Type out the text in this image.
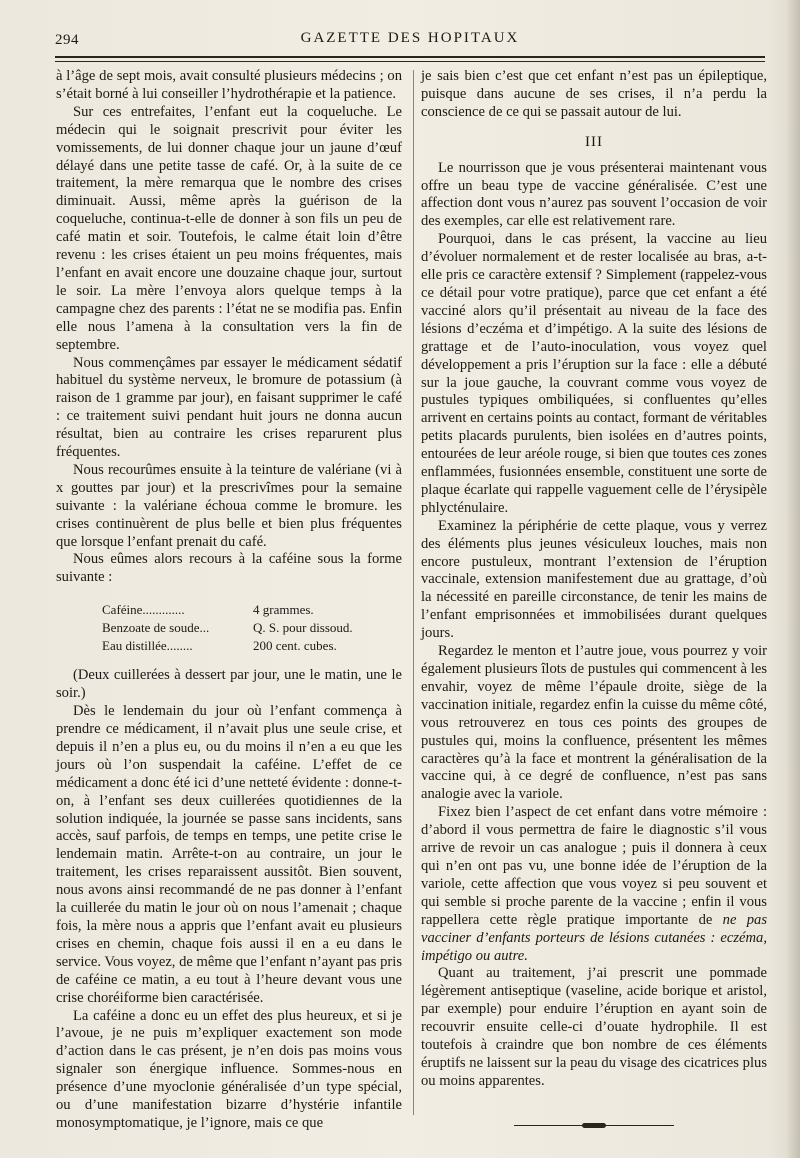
GAZETTE DES HOPITAUX
294

à l’âge de sept mois, avait consulté plusieurs médecins ; on s’était borné à lui conseiller l’hydrothérapie et la patience.

Sur ces entrefaites, l’enfant eut la coqueluche. Le médecin qui le soignait prescrivit pour éviter les vomissements, de lui donner chaque jour un jaune d’œuf délayé dans une petite tasse de café. Or, à la suite de ce traitement, la mère remarqua que le nombre des crises diminuait. Aussi, même après la guérison de la coqueluche, continua-t-elle de donner à son fils un peu de café matin et soir. Toutefois, le calme était loin d’être revenu : les crises étaient un peu moins fréquentes, mais l’enfant en avait encore une douzaine chaque jour, surtout le soir. La mère l’envoya alors quelque temps à la campagne chez des parents : l’état ne se modifia pas. Enfin elle nous l’amena à la consultation vers la fin de septembre.

Nous commençâmes par essayer le médicament sédatif habituel du système nerveux, le bromure de potassium (à raison de 1 gramme par jour), en faisant supprimer le café : ce traitement suivi pendant huit jours ne donna aucun résultat, bien au contraire les crises reparurent plus fréquentes.

Nous recourûmes ensuite à la teinture de valériane (vi à x gouttes par jour) et la prescrivîmes pour la semaine suivante : la valériane échoua comme le bromure. les crises continuèrent de plus belle et bien plus fréquentes que lorsque l’enfant prenait du café.

Nous eûmes alors recours à la caféine sous la forme suivante :

Caféine.............	4 grammes.
Benzoate de soude...	Q. S. pour dissoud.
Eau distillée........	200 cent. cubes.

(Deux cuillerées à dessert par jour, une le matin, une le soir.)

Dès le lendemain du jour où l’enfant commença à prendre ce médicament, il n’avait plus une seule crise, et depuis il n’en a plus eu, ou du moins il n’en a eu que les jours où l’on suspendait la caféine. L’effet de ce médicament a donc été ici d’une netteté évidente : donne-t-on, à l’enfant ses deux cuillerées quotidiennes de la solution indiquée, la journée se passe sans incidents, sans accès, sauf parfois, de temps en temps, une petite crise le lendemain matin. Arrête-t-on au contraire, un jour le traitement, les crises reparaissent aussitôt. Bien souvent, nous avons ainsi recommandé de ne pas donner à l’enfant la cuillerée du matin le jour où on nous l’amenait ; chaque fois, la mère nous a appris que l’enfant avait eu plusieurs crises en chemin, chaque fois aussi il en a eu dans le service. Vous voyez, de même que l’enfant n’ayant pas pris de caféine ce matin, a eu tout à l’heure devant vous une crise choréiforme bien caractérisée.

La caféine a donc eu un effet des plus heureux, et si je l’avoue, je ne puis m’expliquer exactement son mode d’action dans le cas présent, je n’en dois pas moins vous signaler son énergique influence. Sommes-nous en présence d’une myoclonie généralisée d’un type spécial, ou d’une manifestation bizarre d’hystérie infantile monosymptomatique, je l’ignore, mais ce que

je sais bien c’est que cet enfant n’est pas un épileptique, puisque dans aucune de ses crises, il n’a perdu la conscience de ce qui se passait autour de lui.

III

Le nourrisson que je vous présenterai maintenant vous offre un beau type de vaccine généralisée. C’est une affection dont vous n’aurez pas souvent l’occasion de voir des exemples, car elle est relativement rare.

Pourquoi, dans le cas présent, la vaccine au lieu d’évoluer normalement et de rester localisée au bras, a-t-elle pris ce caractère extensif ? Simplement (rappelez-vous ce détail pour votre pratique), parce que cet enfant a été vacciné alors qu’il présentait au niveau de la face des lésions d’eczéma et d’impétigo. A la suite des lésions de grattage et de l’auto-inoculation, vous voyez quel développement a pris l’éruption sur la face : elle a débuté sur la joue gauche, la couvrant comme vous voyez de pustules typiques ombiliquées, si confluentes qu’elles arrivent en certains points au contact, formant de véritables petits placards purulents, bien isolées en d’autres points, entourées de leur aréole rouge, si bien que toutes ces zones enflammées, fusionnées ensemble, constituent une sorte de plaque écarlate qui rappelle vaguement celle de l’érysipèle phlycténulaire.

Examinez la périphérie de cette plaque, vous y verrez des éléments plus jeunes vésiculeux louches, mais non encore pustuleux, montrant l’extension de l’éruption vaccinale, extension manifestement due au grattage, d’où la nécessité en pareille circonstance, de tenir les mains de l’enfant emprisonnées et immobilisées durant quelques jours.

Regardez le menton et l’autre joue, vous pourrez y voir également plusieurs îlots de pustules qui commencent à les envahir, voyez de même l’épaule droite, siège de la vaccination initiale, regardez enfin la cuisse du même côté, vous retrouverez en tous ces points des groupes de pustules qui, moins la confluence, présentent les mêmes caractères qu’à la face et montrent la généralisation de la vaccine qui, à ce degré de confluence, n’est pas sans analogie avec la variole.

Fixez bien l’aspect de cet enfant dans votre mémoire : d’abord il vous permettra de faire le diagnostic s’il vous arrive de revoir un cas analogue ; puis il donnera à ceux qui n’en ont pas vu, une bonne idée de l’éruption de la variole, cette affection que vous voyez si peu souvent et qui semble si proche parente de la vaccine ; enfin il vous rappellera cette règle pratique importante de ne pas vacciner d’enfants porteurs de lésions cutanées : eczéma, impétigo ou autre.

Quant au traitement, j’ai prescrit une pommade légèrement antiseptique (vaseline, acide borique et aristol, par exemple) pour enduire l’éruption en ayant soin de recouvrir ensuite celle-ci d’ouate hydrophile. Il est toutefois à craindre que bon nombre de ces éléments éruptifs ne laissent sur la peau du visage des cicatrices plus ou moins apparentes.
